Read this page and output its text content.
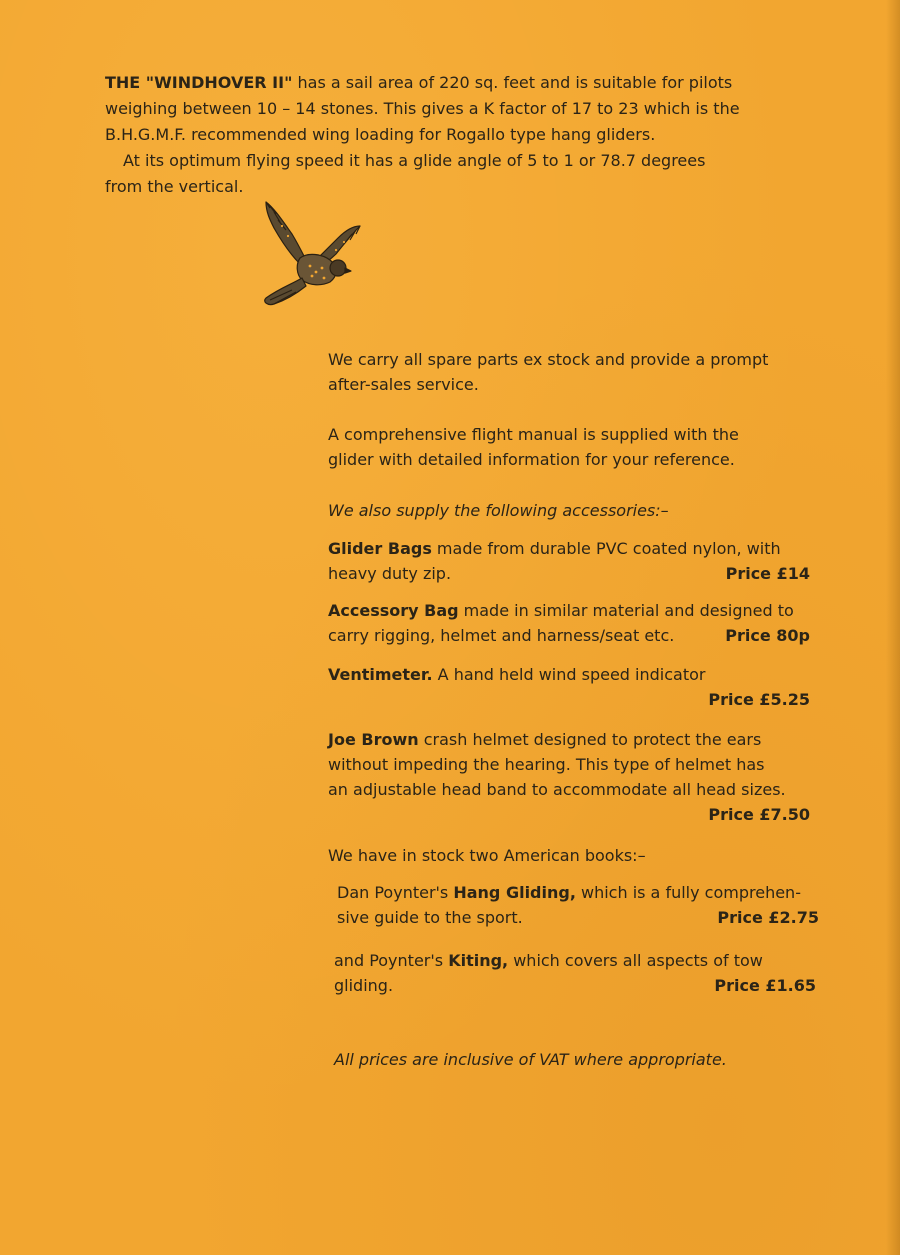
THE "WINDHOVER II" has a sail area of 220 sq. feet and is suitable for pilots

weighing between 10 – 14 stones. This gives a K factor of 17 to 23 which is the

B.H.G.M.F. recommended wing loading for Rogallo type hang gliders.

At its optimum flying speed it has a glide angle of 5 to 1 or 78.7 degrees

from the vertical.

We carry all spare parts ex stock and provide a prompt

after-sales service.

A comprehensive flight manual is supplied with the

glider with detailed information for your reference.

We also supply the following accessories:–

Glider Bags made from durable PVC coated nylon, with

heavy duty zip.	Price £14

Accessory Bag made in similar material and designed to

carry rigging, helmet and harness/seat etc.	Price 80p

Ventimeter. A hand held wind speed indicator

Price £5.25

Joe Brown crash helmet designed to protect the ears

without impeding the hearing. This type of helmet has

an adjustable head band to accommodate all head sizes.

Price £7.50

We have in stock two American books:–

Dan Poynter's Hang Gliding, which is a fully comprehen-

sive guide to the sport.	Price £2.75

and Poynter's Kiting, which covers all aspects of tow

gliding.	Price £1.65

All prices are inclusive of VAT where appropriate.
